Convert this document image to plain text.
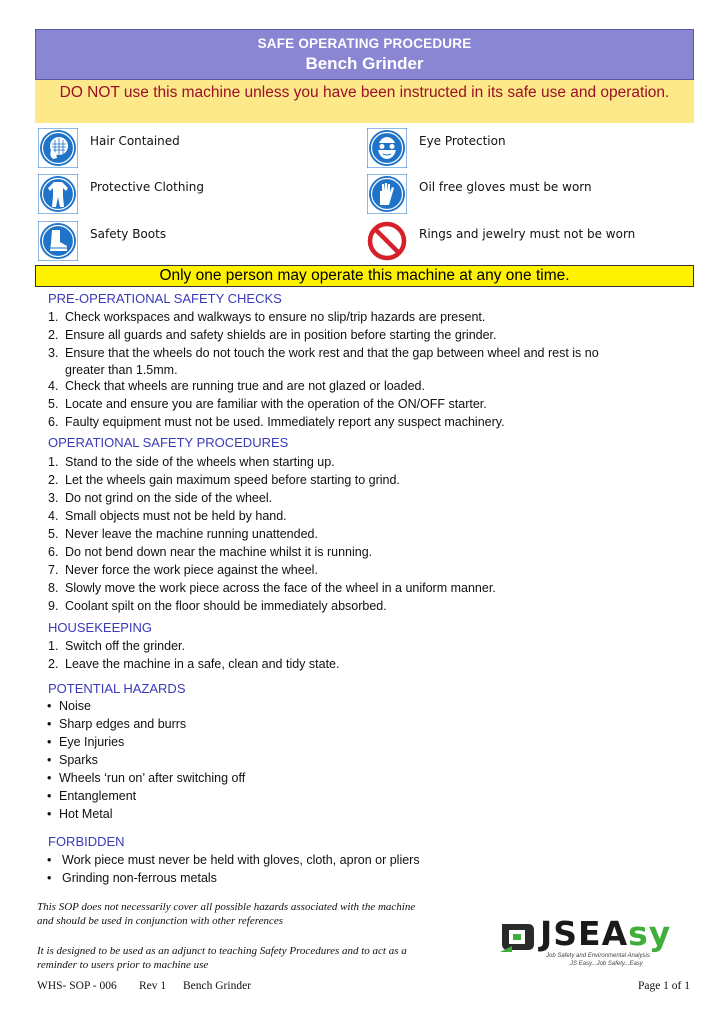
SAFE OPERATING PROCEDURE
Bench Grinder
DO NOT use this machine unless you have been instructed in its safe use and operation.
Hair Contained	Eye Protection
Protective Clothing	Oil free gloves must be worn
Safety Boots	Rings and jewelry must not be worn
Only one person may operate this machine at any one time.
PRE-OPERATIONAL SAFETY CHECKS
1. Check workspaces and walkways to ensure no slip/trip hazards are present.
2. Ensure all guards and safety shields are in position before starting the grinder.
3. Ensure that the wheels do not touch the work rest and that the gap between wheel and rest is no
greater than 1.5mm.
4. Check that wheels are running true and are not glazed or loaded.
5. Locate and ensure you are familiar with the operation of the ON/OFF starter.
6. Faulty equipment must not be used. Immediately report any suspect machinery.
OPERATIONAL SAFETY PROCEDURES
1. Stand to the side of the wheels when starting up.
2. Let the wheels gain maximum speed before starting to grind.
3. Do not grind on the side of the wheel.
4. Small objects must not be held by hand.
5. Never leave the machine running unattended.
6. Do not bend down near the machine whilst it is running.
7. Never force the work piece against the wheel.
8. Slowly move the work piece across the face of the wheel in a uniform manner.
9. Coolant spilt on the floor should be immediately absorbed.
HOUSEKEEPING
1. Switch off the grinder.
2. Leave the machine in a safe, clean and tidy state.
POTENTIAL HAZARDS
• Noise
• Sharp edges and burrs
• Eye Injuries
• Sparks
• Wheels ‘run on’ after switching off
• Entanglement
• Hot Metal
FORBIDDEN
• Work piece must never be held with gloves, cloth, apron or pliers
• Grinding non-ferrous metals
This SOP does not necessarily cover all possible hazards associated with the machine
and should be used in conjunction with other references
It is designed to be used as an adjunct to teaching Safety Procedures and to act as a
reminder to users prior to machine use
JSEAsy
Job Safety and Environmental Analysis
JS Easy...Job Safety...Easy
WHS- SOP - 006 Rev 1 Bench Grinder	Page 1 of 1
